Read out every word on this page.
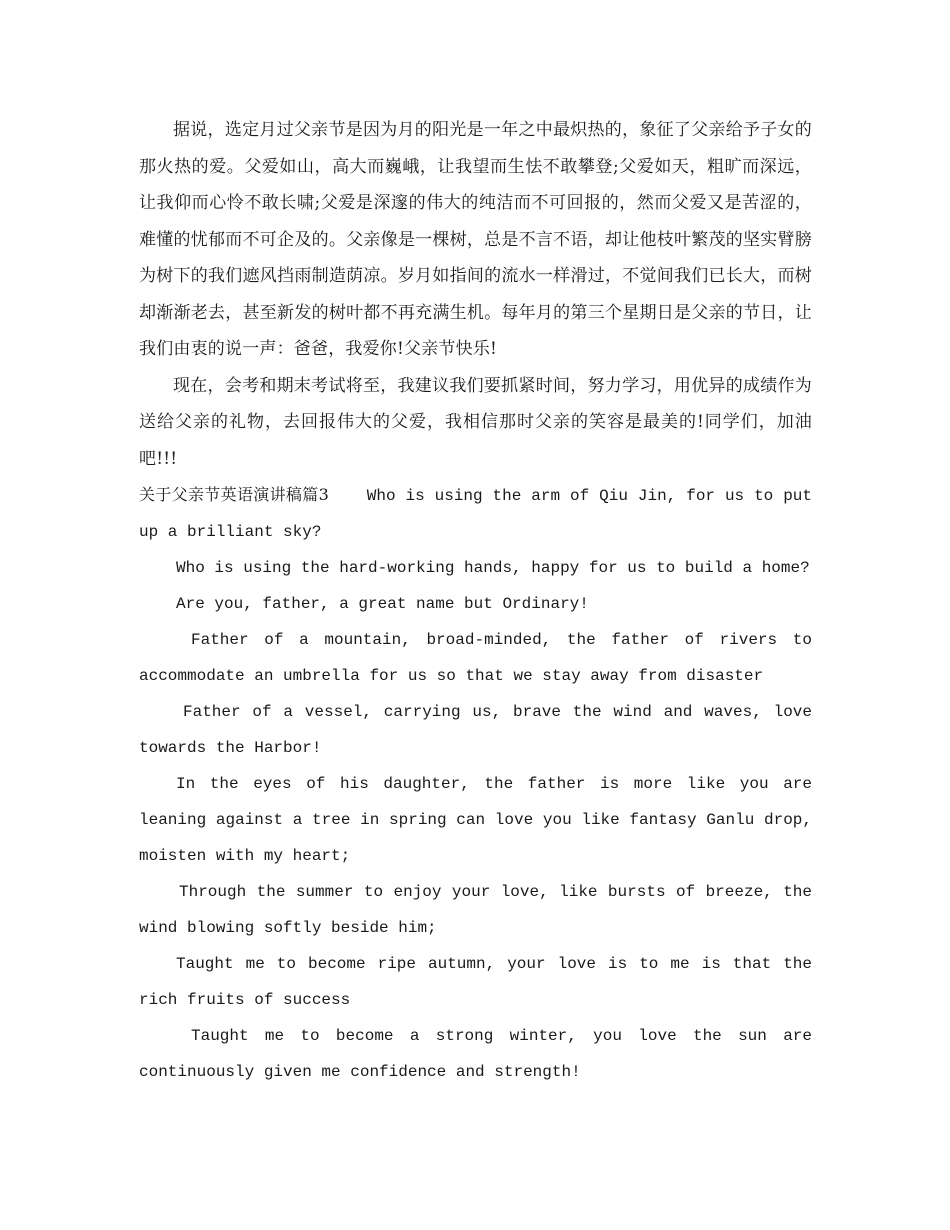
据说，选定月过父亲节是因为月的阳光是一年之中最炽热的，象征了父亲给予子女的那火热的爱。父爱如山，高大而巍峨，让我望而生怯不敢攀登;父爱如天，粗旷而深远，让我仰而心怜不敢长啸;父爱是深邃的伟大的纯洁而不可回报的，然而父爱又是苦涩的，难懂的忧郁而不可企及的。父亲像是一棵树，总是不言不语，却让他枝叶繁茂的坚实臂膀为树下的我们遮风挡雨制造荫凉。岁月如指间的流水一样滑过，不觉间我们已长大，而树却渐渐老去，甚至新发的树叶都不再充满生机。每年月的第三个星期日是父亲的节日，让我们由衷的说一声：爸爸，我爱你!父亲节快乐!

现在，会考和期末考试将至，我建议我们要抓紧时间，努力学习，用优异的成绩作为送给父亲的礼物，去回报伟大的父爱，我相信那时父亲的笑容是最美的!同学们，加油吧!!!

关于父亲节英语演讲稿篇3 Who is using the arm of Qiu Jin, for us to put up a brilliant sky?

Who is using the hard-working hands, happy for us to build a home?

Are you, father, a great name but Ordinary!

Father of a mountain, broad-minded, the father of rivers to accommodate an umbrella for us so that we stay away from disaster

Father of a vessel, carrying us, brave the wind and waves, love towards the Harbor!

In the eyes of his daughter, the father is more like you are leaning against a tree in spring can love you like fantasy Ganlu drop, moisten with my heart;

Through the summer to enjoy your love, like bursts of breeze, the wind blowing softly beside him;

Taught me to become ripe autumn, your love is to me is that the rich fruits of success

Taught me to become a strong winter, you love the sun are continuously given me confidence and strength!
